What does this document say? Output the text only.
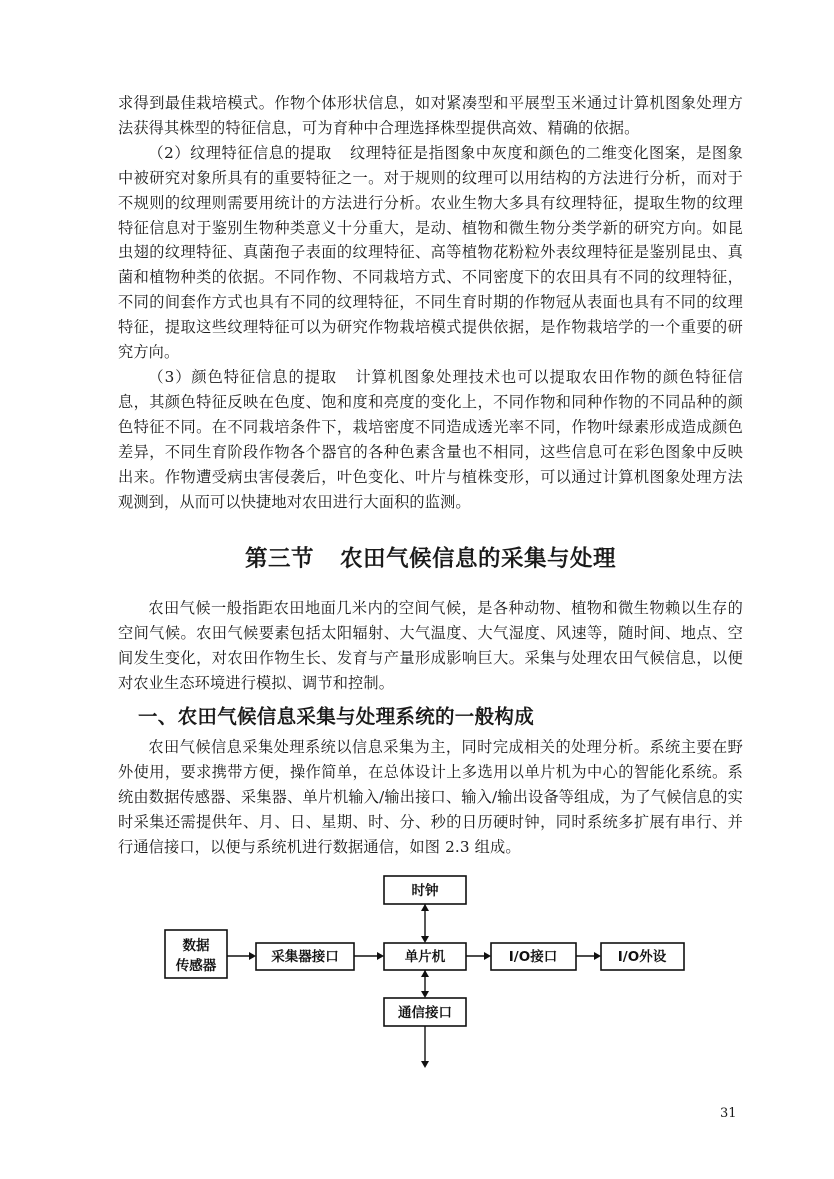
求得到最佳栽培模式。作物个体形状信息，如对紧凑型和平展型玉米通过计算机图象处理方法获得其株型的特征信息，可为育种中合理选择株型提供高效、精确的依据。

（2）纹理特征信息的提取 纹理特征是指图象中灰度和颜色的二维变化图案，是图象中被研究对象所具有的重要特征之一。对于规则的纹理可以用结构的方法进行分析，而对于不规则的纹理则需要用统计的方法进行分析。农业生物大多具有纹理特征，提取生物的纹理特征信息对于鉴别生物种类意义十分重大，是动、植物和微生物分类学新的研究方向。如昆虫翅的纹理特征、真菌孢子表面的纹理特征、高等植物花粉粒外表纹理特征是鉴别昆虫、真菌和植物种类的依据。不同作物、不同栽培方式、不同密度下的农田具有不同的纹理特征，不同的间套作方式也具有不同的纹理特征，不同生育时期的作物冠从表面也具有不同的纹理特征，提取这些纹理特征可以为研究作物栽培模式提供依据，是作物栽培学的一个重要的研究方向。

（3）颜色特征信息的提取 计算机图象处理技术也可以提取农田作物的颜色特征信息，其颜色特征反映在色度、饱和度和亮度的变化上，不同作物和同种作物的不同品种的颜色特征不同。在不同栽培条件下，栽培密度不同造成透光率不同，作物叶绿素形成造成颜色差异，不同生育阶段作物各个器官的各种色素含量也不相同，这些信息可在彩色图象中反映出来。作物遭受病虫害侵袭后，叶色变化、叶片与植株变形，可以通过计算机图象处理方法观测到，从而可以快捷地对农田进行大面积的监测。

第三节 农田气候信息的采集与处理

农田气候一般指距农田地面几米内的空间气候，是各种动物、植物和微生物赖以生存的空间气候。农田气候要素包括太阳辐射、大气温度、大气湿度、风速等，随时间、地点、空间发生变化，对农田作物生长、发育与产量形成影响巨大。采集与处理农田气候信息，以便对农业生态环境进行模拟、调节和控制。

一、农田气候信息采集与处理系统的一般构成

农田气候信息采集处理系统以信息采集为主，同时完成相关的处理分析。系统主要在野外使用，要求携带方便，操作简单，在总体设计上多选用以单片机为中心的智能化系统。系统由数据传感器、采集器、单片机输入/输出接口、输入/输出设备等组成，为了气候信息的实时采集还需提供年、月、日、星期、时、分、秒的日历硬时钟，同时系统多扩展有串行、并行通信接口，以便与系统机进行数据通信，如图 2.3 组成。

时钟
数据
传感器
采集器接口	单片机	I/O接口	I/O外设
通信接口
31
